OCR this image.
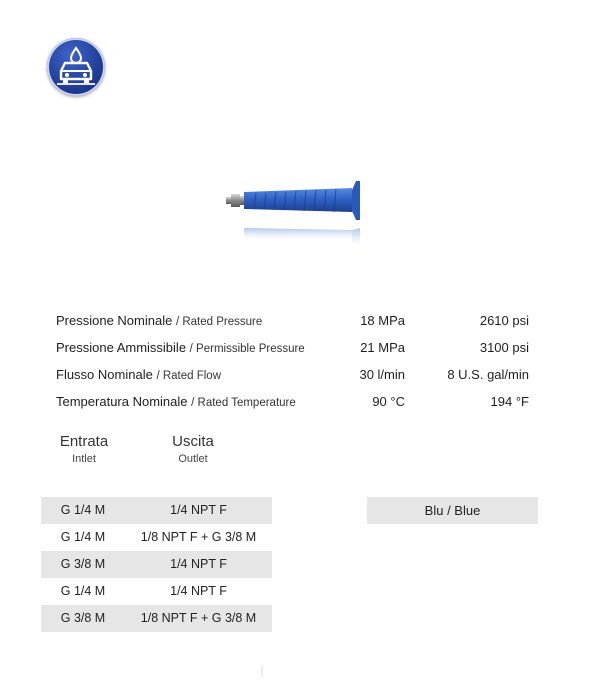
Pressione Nominale / Rated Pressure	18 MPa	2610 psi
Pressione Ammissibile / Permissible Pressure	21 MPa	3100 psi
Flusso Nominale / Rated Flow	30 l/min	8 U.S. gal/min
Temperatura Nominale / Rated Temperature	90 °C	194 °F
Entrata
Intlet
Uscita
Outlet
G 1/4 M	1/4 NPT F
G 1/4 M	1/8 NPT F + G 3/8 M
G 3/8 M	1/4 NPT F
G 1/4 M	1/4 NPT F
G 3/8 M	1/8 NPT F + G 3/8 M
Blu / Blue
